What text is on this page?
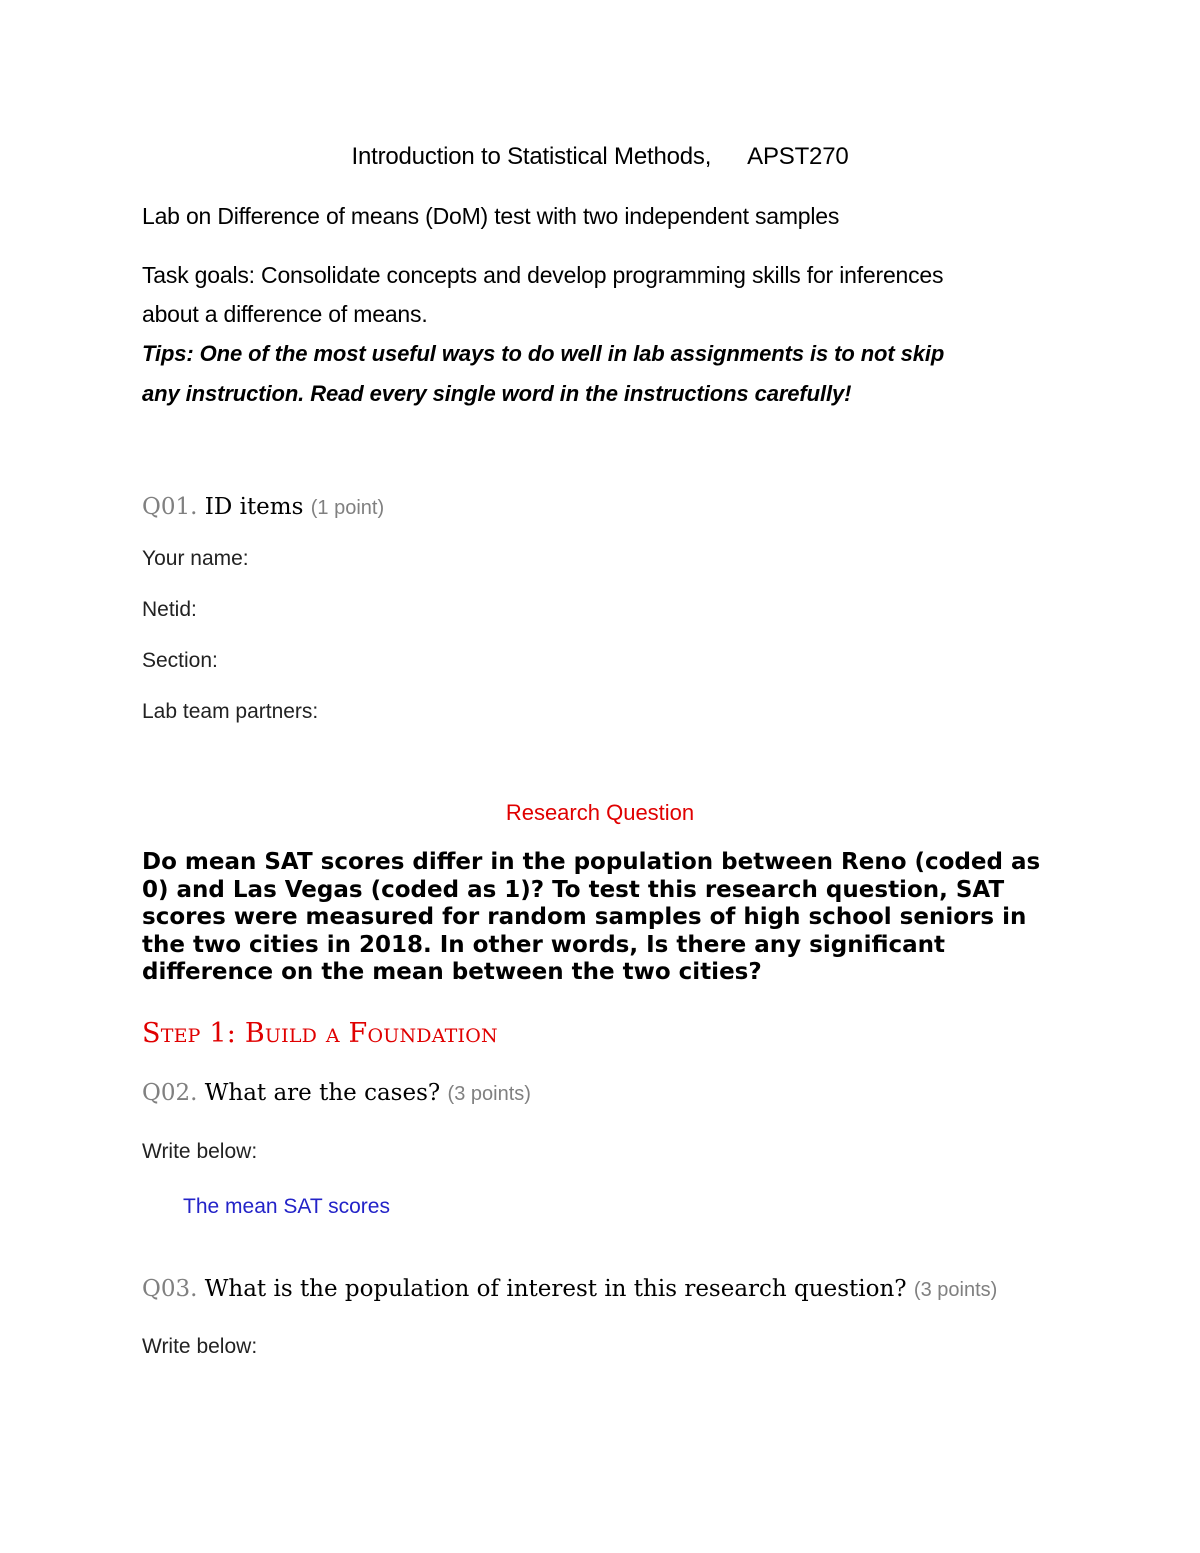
Introduction to Statistical Methods, APST270
Lab on Difference of means (DoM) test with two independent samples
Task goals: Consolidate concepts and develop programming skills for inferences
about a difference of means.
Tips: One of the most useful ways to do well in lab assignments is to not skip
any instruction. Read every single word in the instructions carefully!
Q01. ID items (1 point)
Your name:
Netid:
Section:
Lab team partners:
Research Question
Do mean SAT scores differ in the population between Reno (coded as 0) and Las Vegas (coded as 1)? To test this research question, SAT scores were measured for random samples of high school seniors in the two cities in 2018. In other words, Is there any significant difference on the mean between the two cities?
Step 1: Build a Foundation
Q02. What are the cases? (3 points)
Write below:
The mean SAT scores
Q03. What is the population of interest in this research question? (3 points)
Write below:
